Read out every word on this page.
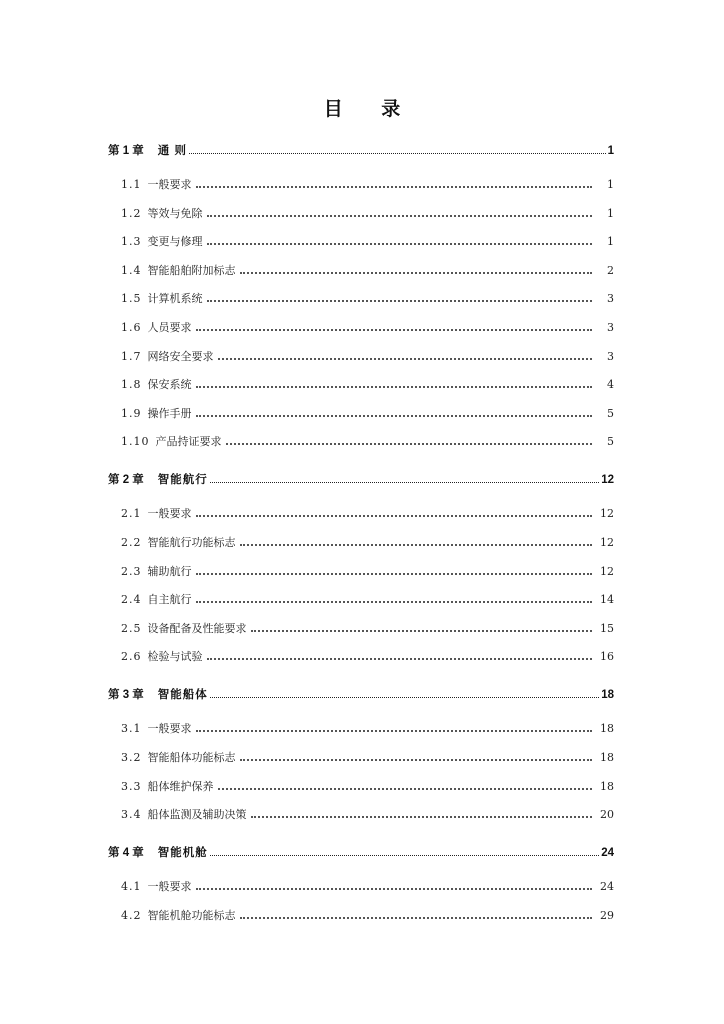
目 录
第 1 章 通 则	1
1.1 一般要求	1
1.2 等效与免除	1
1.3 变更与修理	1
1.4 智能船舶附加标志	2
1.5 计算机系统	3
1.6 人员要求	3
1.7 网络安全要求	3
1.8 保安系统	4
1.9 操作手册	5
1.10 产品持证要求	5
第 2 章 智能航行	12
2.1 一般要求	12
2.2 智能航行功能标志	12
2.3 辅助航行	12
2.4 自主航行	14
2.5 设备配备及性能要求	15
2.6 检验与试验	16
第 3 章 智能船体	18
3.1 一般要求	18
3.2 智能船体功能标志	18
3.3 船体维护保养	18
3.4 船体监测及辅助决策	20
第 4 章 智能机舱	24
4.1 一般要求	24
4.2 智能机舱功能标志	29
